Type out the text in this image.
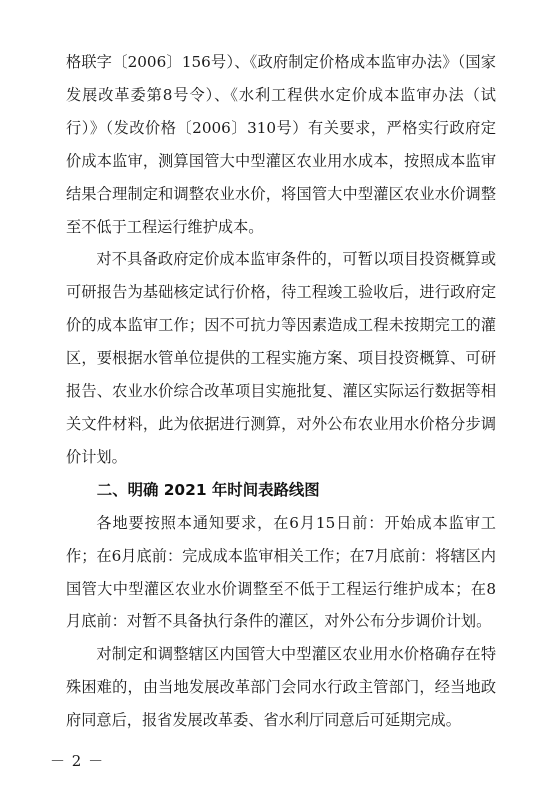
格联字〔2006〕156号）、《政府制定价格成本监审办法》（国家发展改革委第8号令）、《水利工程供水定价成本监审办法（试行）》（发改价格〔2006〕310号）有关要求，严格实行政府定价成本监审，测算国管大中型灌区农业用水成本，按照成本监审结果合理制定和调整农业水价，将国管大中型灌区农业水价调整至不低于工程运行维护成本。

对不具备政府定价成本监审条件的，可暂以项目投资概算或可研报告为基础核定试行价格，待工程竣工验收后，进行政府定价的成本监审工作；因不可抗力等因素造成工程未按期完工的灌区，要根据水管单位提供的工程实施方案、项目投资概算、可研报告、农业水价综合改革项目实施批复、灌区实际运行数据等相关文件材料，此为依据进行测算，对外公布农业用水价格分步调价计划。

二、明确 2021 年时间表路线图

各地要按照本通知要求，在6月15日前：开始成本监审工作；在6月底前：完成成本监审相关工作；在7月底前：将辖区内国管大中型灌区农业水价调整至不低于工程运行维护成本；在8月底前：对暂不具备执行条件的灌区，对外公布分步调价计划。

对制定和调整辖区内国管大中型灌区农业用水价格确存在特殊困难的，由当地发展改革部门会同水行政主管部门，经当地政府同意后，报省发展改革委、省水利厅同意后可延期完成。

－ 2 －
